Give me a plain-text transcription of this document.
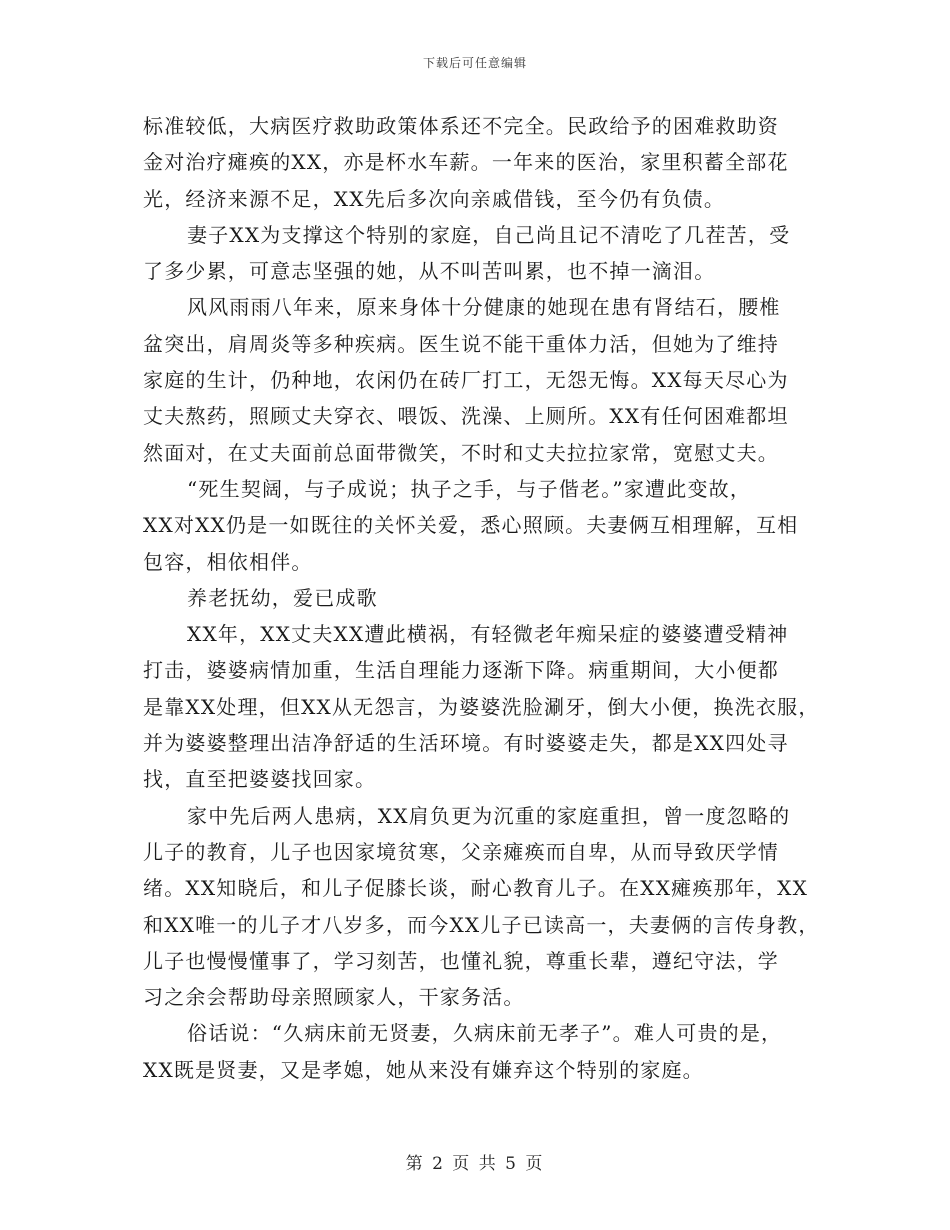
下载后可任意编辑
标准较低，大病医疗救助政策体系还不完全。民政给予的困难救助资
金对治疗瘫痪的XX，亦是杯水车薪。一年来的医治，家里积蓄全部花
光，经济来源不足，XX先后多次向亲戚借钱，至今仍有负债。
妻子XX为支撑这个特别的家庭，自己尚且记不清吃了几茬苦，受
了多少累，可意志坚强的她，从不叫苦叫累，也不掉一滴泪。
风风雨雨八年来，原来身体十分健康的她现在患有肾结石，腰椎
盆突出，肩周炎等多种疾病。医生说不能干重体力活，但她为了维持
家庭的生计，仍种地，农闲仍在砖厂打工，无怨无悔。XX每天尽心为
丈夫熬药，照顾丈夫穿衣、喂饭、洗澡、上厕所。XX有任何困难都坦
然面对，在丈夫面前总面带微笑，不时和丈夫拉拉家常，宽慰丈夫。
“死生契阔，与子成说；执子之手，与子偕老。”家遭此变故，
XX对XX仍是一如既往的关怀关爱，悉心照顾。夫妻俩互相理解，互相
包容，相依相伴。
养老抚幼，爱已成歌
XX年，XX丈夫XX遭此横祸，有轻微老年痴呆症的婆婆遭受精神
打击，婆婆病情加重，生活自理能力逐渐下降。病重期间，大小便都
是靠XX处理，但XX从无怨言，为婆婆洗脸涮牙，倒大小便，换洗衣服，
并为婆婆整理出洁净舒适的生活环境。有时婆婆走失，都是XX四处寻
找，直至把婆婆找回家。
家中先后两人患病，XX肩负更为沉重的家庭重担，曾一度忽略的
儿子的教育，儿子也因家境贫寒，父亲瘫痪而自卑，从而导致厌学情
绪。XX知晓后，和儿子促膝长谈，耐心教育儿子。在XX瘫痪那年，XX
和XX唯一的儿子才八岁多，而今XX儿子已读高一，夫妻俩的言传身教，
儿子也慢慢懂事了，学习刻苦，也懂礼貌，尊重长辈，遵纪守法，学
习之余会帮助母亲照顾家人，干家务活。
俗话说：“久病床前无贤妻，久病床前无孝子”。难人可贵的是，
XX既是贤妻，又是孝媳，她从来没有嫌弃这个特别的家庭。
第 2 页 共 5 页
